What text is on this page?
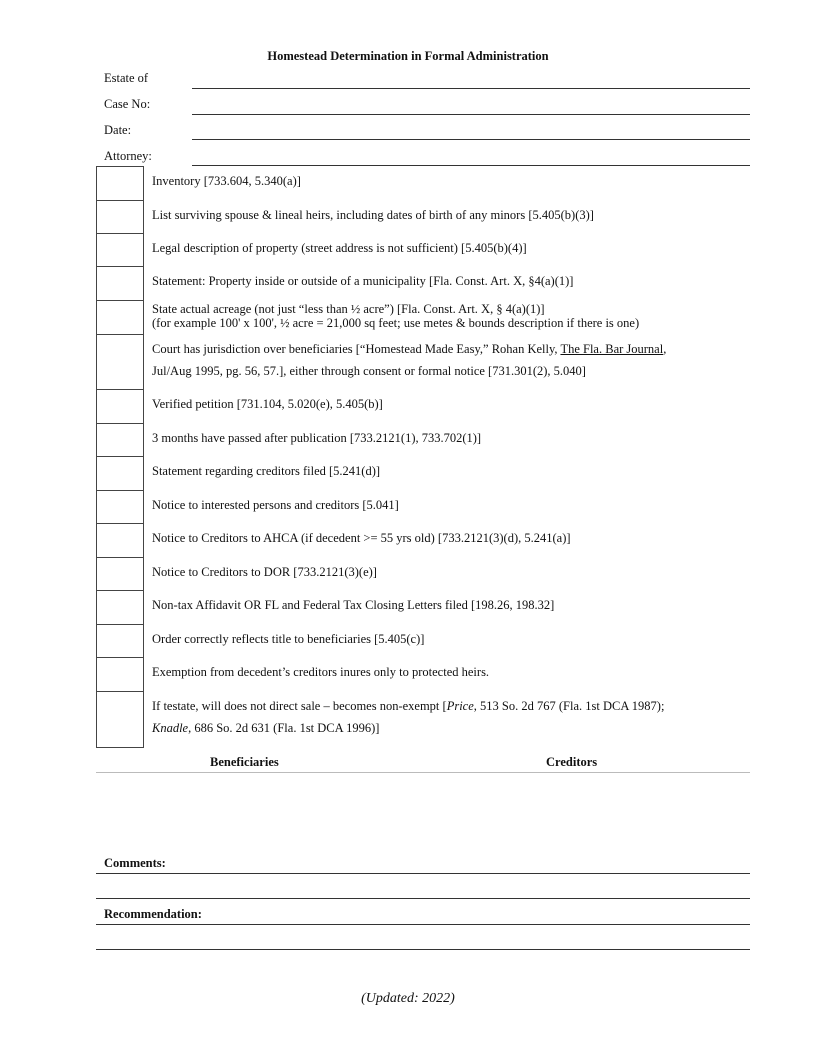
Homestead Determination in Formal Administration
Estate of
Case No:
Date:
Attorney:
Inventory [733.604, 5.340(a)]
List surviving spouse & lineal heirs, including dates of birth of any minors [5.405(b)(3)]
Legal description of property (street address is not sufficient) [5.405(b)(4)]
Statement: Property inside or outside of a municipality [Fla. Const. Art. X, §4(a)(1)]
State actual acreage (not just “less than ½ acre”) [Fla. Const. Art. X, § 4(a)(1)]
(for example 100' x 100', ½ acre = 21,000 sq feet; use metes & bounds description if there is one)
Court has jurisdiction over beneficiaries [“Homestead Made Easy,” Rohan Kelly, The Fla. Bar Journal,
Jul/Aug 1995, pg. 56, 57.], either through consent or formal notice [731.301(2), 5.040]
Verified petition [731.104, 5.020(e), 5.405(b)]
3 months have passed after publication [733.2121(1), 733.702(1)]
Statement regarding creditors filed [5.241(d)]
Notice to interested persons and creditors [5.041]
Notice to Creditors to AHCA (if decedent >= 55 yrs old) [733.2121(3)(d), 5.241(a)]
Notice to Creditors to DOR [733.2121(3)(e)]
Non-tax Affidavit OR FL and Federal Tax Closing Letters filed [198.26, 198.32]
Order correctly reflects title to beneficiaries [5.405(c)]
Exemption from decedent’s creditors inures only to protected heirs.
If testate, will does not direct sale – becomes non-exempt [Price, 513 So. 2d 767 (Fla. 1st DCA 1987);
Knadle, 686 So. 2d 631 (Fla. 1st DCA 1996)]
Beneficiaries	Creditors
Comments:
Recommendation:
(Updated: 2022)
